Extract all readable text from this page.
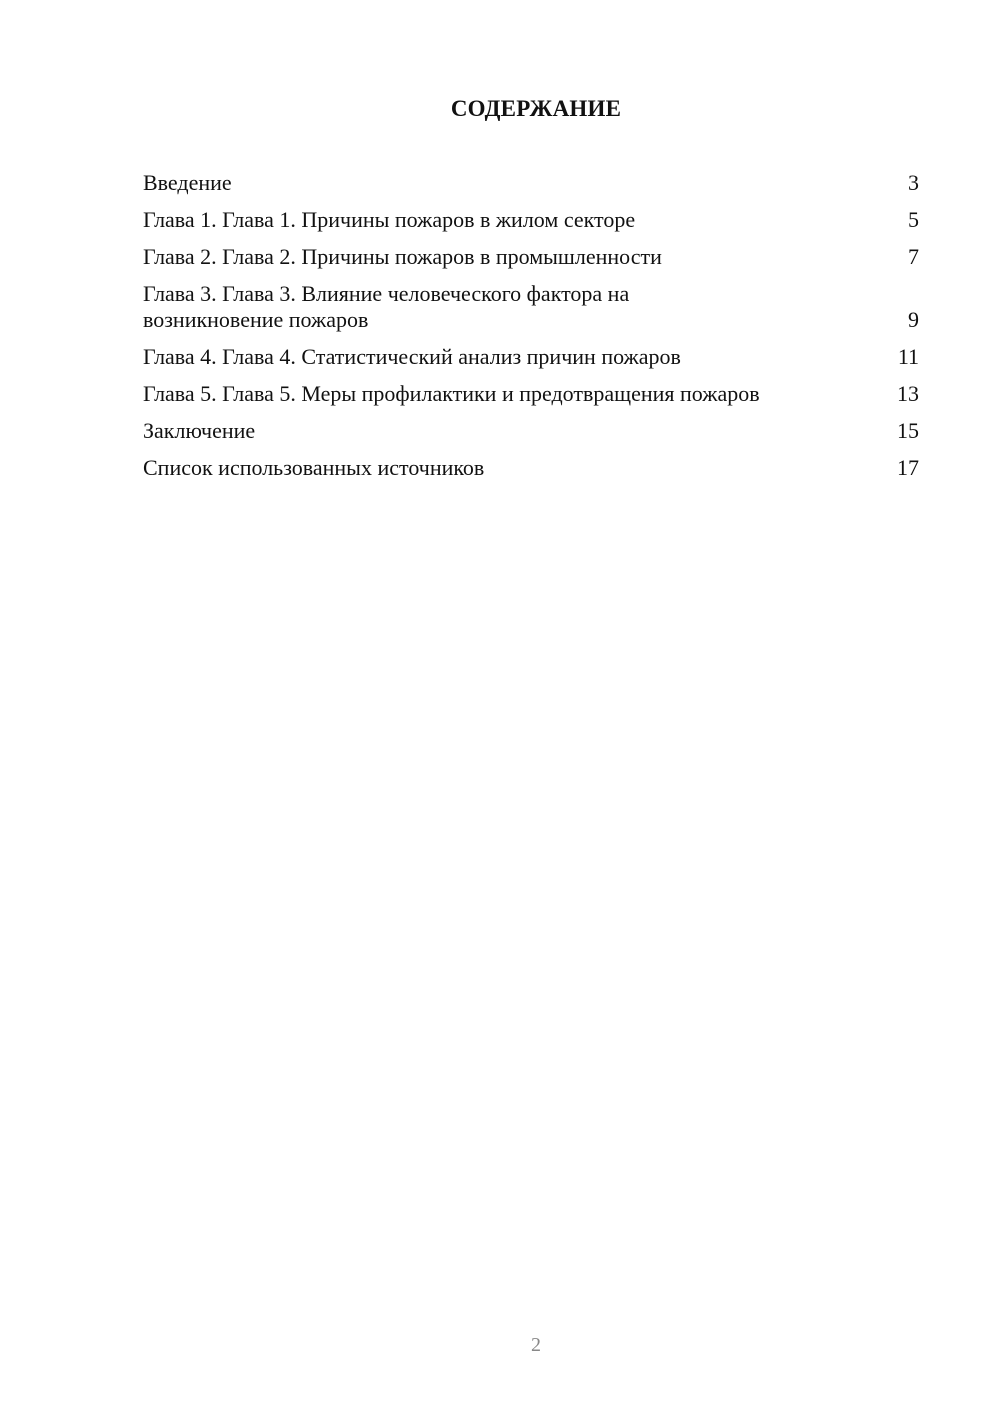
СОДЕРЖАНИЕ
Введение	3
Глава 1. Глава 1. Причины пожаров в жилом секторе	5
Глава 2. Глава 2. Причины пожаров в промышленности	7
Глава 3. Глава 3. Влияние человеческого фактора на возникновение пожаров	9
Глава 4. Глава 4. Статистический анализ причин пожаров	11
Глава 5. Глава 5. Меры профилактики и предотвращения пожаров	13
Заключение	15
Список использованных источников	17
2
